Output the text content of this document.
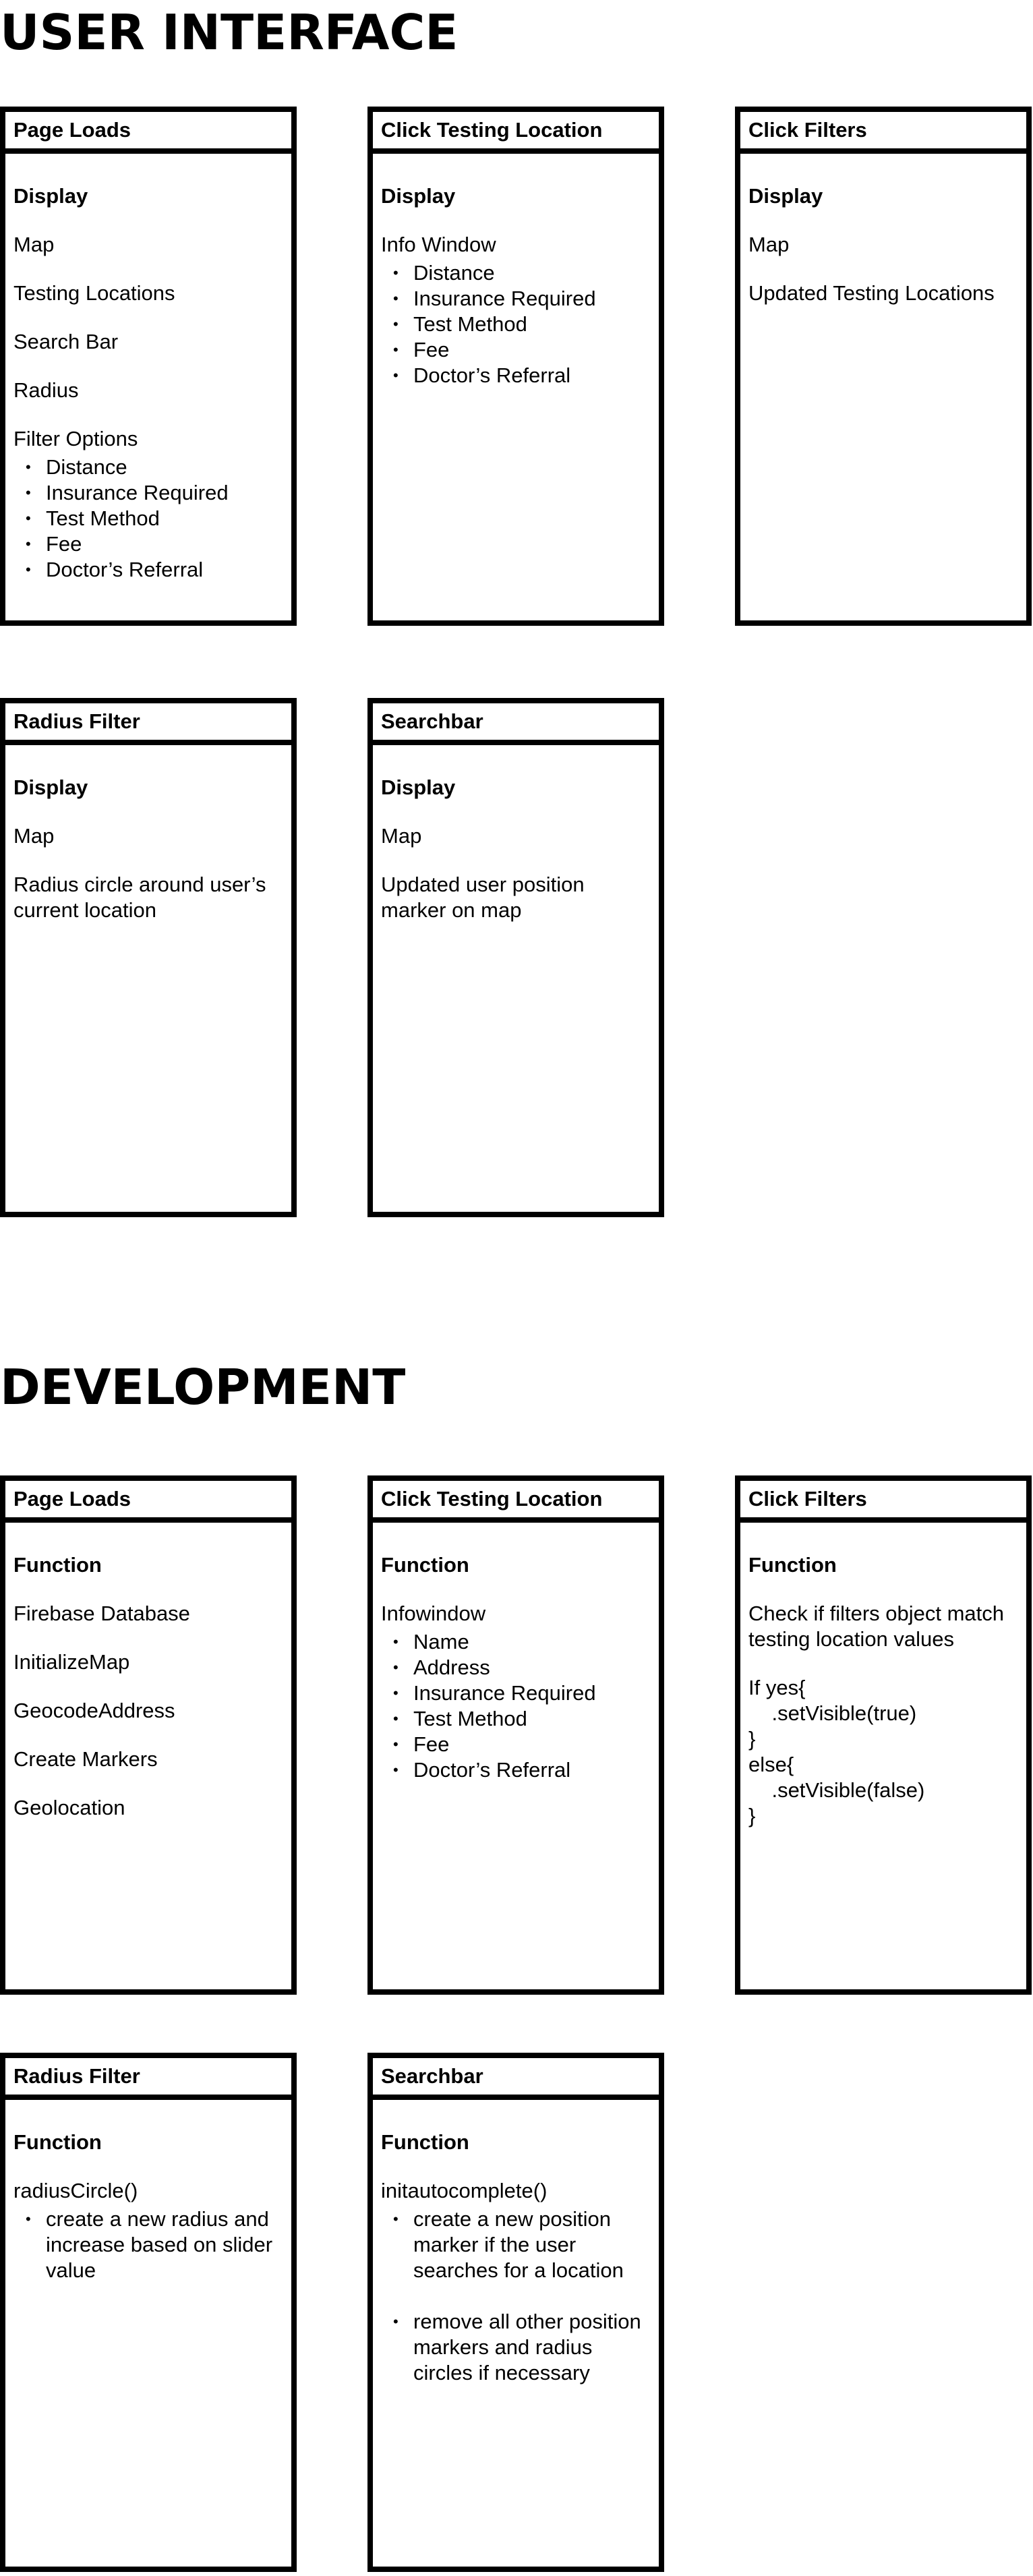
USER INTERFACE
Page Loads
Display
Map
Testing Locations
Search Bar
Radius
Filter Options
• Distance
• Insurance Required
• Test Method
• Fee
• Doctor’s Referral
Click Testing Location
Display
Info Window
• Distance
• Insurance Required
• Test Method
• Fee
• Doctor’s Referral
Click Filters
Display
Map
Updated Testing Locations
Radius Filter
Display
Map
Radius circle around user’s current location
Searchbar
Display
Map
Updated user position marker on map
DEVELOPMENT
Page Loads
Function
Firebase Database
InitializeMap
GeocodeAddress
Create Markers
Geolocation
Click Testing Location
Function
Infowindow
• Name
• Address
• Insurance Required
• Test Method
• Fee
• Doctor’s Referral
Click Filters
Function
Check if filters object match testing location values
If yes{
.setVisible(true)
}
else{
.setVisible(false)
}
Radius Filter
Function
radiusCircle()
• create a new radius and increase based on slider value
Searchbar
Function
initautocomplete()
• create a new position marker if the user searches for a location
• remove all other position markers and radius circles if necessary
